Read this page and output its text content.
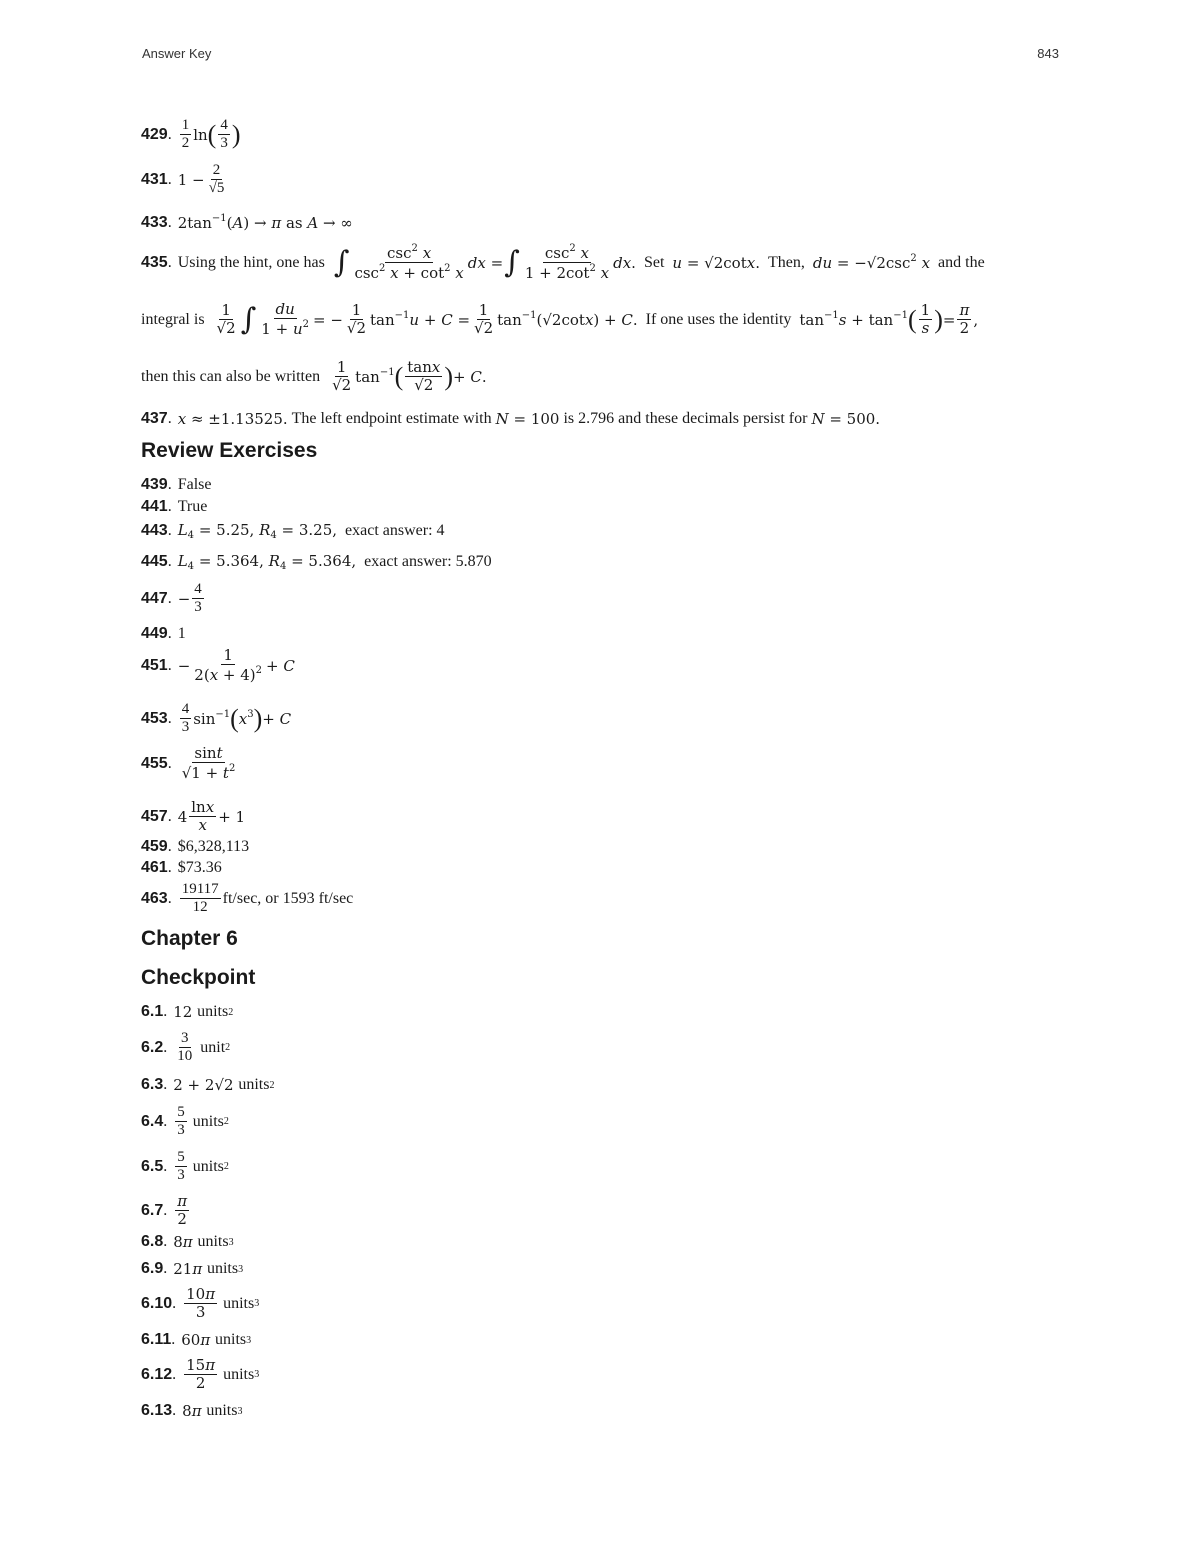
Answer Key	843
429 . $\frac{1}{2}$ ln ( $\frac{4}{3}$ )
431 . $1 - \frac{2}{√5}$
433 . $2\tan^{-1}(A) \to \pi$ as A → ∞
435 . Using the hint, one has ∫ $\frac{\csc^2 x}{\csc^2 x + \cot^2 x}$ dx = ∫ $\frac{\csc^2 x}{1 + 2\cot^2 x}$ dx. Set u = √2cotx. Then, du = $-√2\csc^2$ x and the
integral is $\frac{1}{√2}$ ∫ $\frac{du}{1 + u^2}$ = − $\frac{1}{√2} \tan^{-1}u + C = \frac{1}{√2} \tan^{-1}(√2\cot x) + C$. If one uses the identity $\tan^{-1}s + \tan^{-1}$ ( $\frac{1}{s}$ ) = $\frac{\pi}{2}$ ,
then this can also be written $\frac{1}{√2} \tan^{-1}$ ( $\frac{\tan x}{√2}$ ) + C.
437 . x ≈ ±1.13525.
The left endpoint estimate with
N = 100
is 2.796 and these decimals persist for
N = 500.
Review Exercises
439 . False
441 . True
443 . $L_4 = 5.25$, $R_4 = 3.25$, exact answer: 4
445 . $L_4 = 5.364$, $R_4 = 5.364$, exact answer: 5.870
447 . − $\frac{4}{3}$
449 . 1
451 . − $\frac{1}{2(x + 4)^2} + C$
453 . $\frac{4}{3} \sin^{-1}$ ( $x^3$ ) + C
455 . $\frac{\sin t}{√1 + t^2}$
457 . $4 \frac{\ln x}{x} + 1$
459 . $6,328,113
461 . $73.36
463 . $\frac{19117}{12} ft/\sec$, or 1593 ft/sec
Chapter 6
Checkpoint
6.1 . 12 units 2
6.2 . $\frac{3}{10}$
unit 2
6.3 . 2 + 2√2 units 2
6.4 . $\frac{5}{3}$
units 2
6.5 . $\frac{5}{3}$
units 2
6.7 . $\frac{\pi}{2}$
6.8 . 8π units 3
6.9 . 21π units 3
6.10 . $\frac{10\pi}{3}$
units 3
6.11 . 60π units 3
6.12 . $\frac{15\pi}{2}$
units 3
6.13 . 8π units 3
